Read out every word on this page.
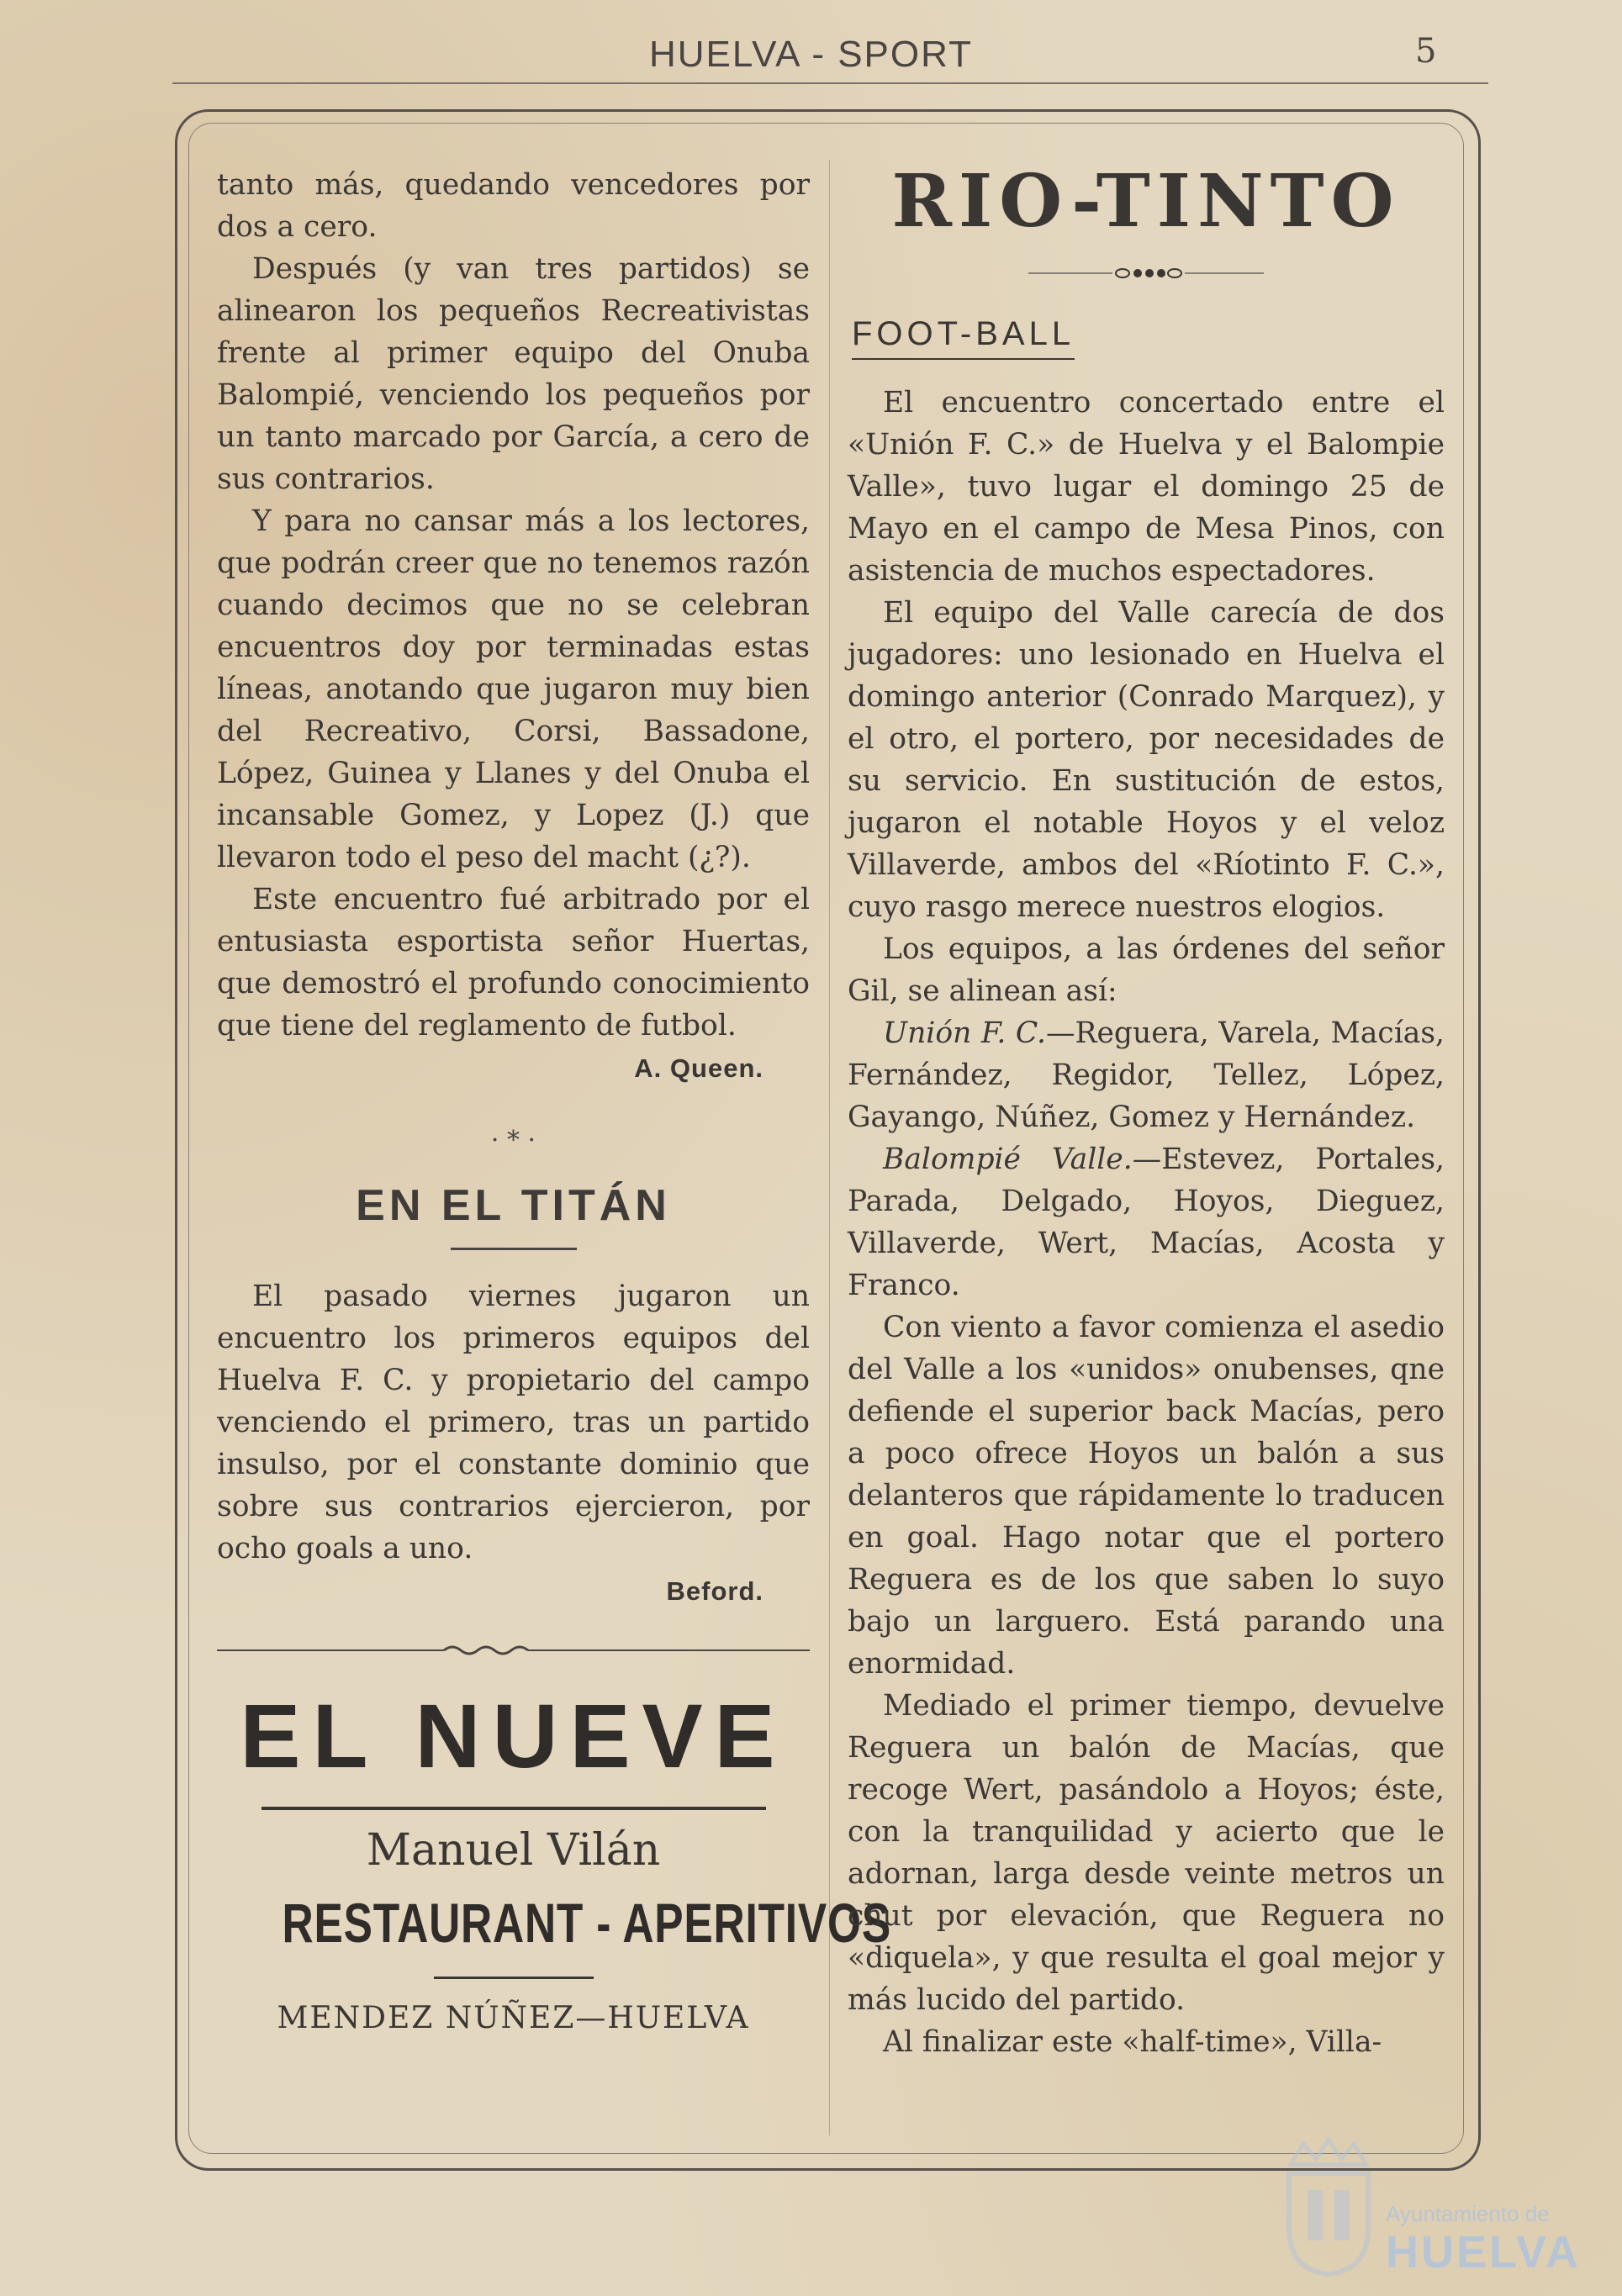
HUELVA - SPORT	5

tanto más, quedando vencedores por dos a cero.

Después (y van tres partidos) se alinearon los pequeños Recreativistas frente al primer equipo del Onuba Balompié, venciendo los pequeños por un tanto marcado por García, a cero de sus contrarios.

Y para no cansar más a los lectores, que podrán creer que no tenemos razón cuando decimos que no se celebran encuentros doy por terminadas estas líneas, anotando que jugaron muy bien del Recreativo, Corsi, Bassadone, López, Guinea y Llanes y del Onuba el incansable Gomez, y Lopez (J.) que llevaron todo el peso del macht (¿?).

Este encuentro fué arbitrado por el entusiasta esportista señor Huertas, que demostró el profundo conocimiento que tiene del reglamento de futbol.

A. Queen.

· * ·
EN EL TITÁN

El pasado viernes jugaron un encuentro los primeros equipos del Huelva F. C. y propietario del campo venciendo el primero, tras un partido insulso, por el constante dominio que sobre sus contrarios ejercieron, por ocho goals a uno.

Beford.

EL NUEVE

Manuel Vilán

RESTAURANT - APERITIVOS

MENDEZ NÚÑEZ—HUELVA

RIO-TINTO
FOOT-BALL

El encuentro concertado entre el «Unión F. C.» de Huelva y el Balompie Valle», tuvo lugar el domingo 25 de Mayo en el campo de Mesa Pinos, con asistencia de muchos espectadores.

El equipo del Valle carecía de dos jugadores: uno lesionado en Huelva el domingo anterior (Conrado Marquez), y el otro, el portero, por necesidades de su servicio. En sustitución de estos, jugaron el notable Hoyos y el veloz Villaverde, ambos del «Ríotinto F. C.», cuyo rasgo merece nuestros elogios.

Los equipos, a las órdenes del señor Gil, se alinean así:

Unión F. C.—Reguera, Varela, Macías, Fernández, Regidor, Tellez, López, Gayango, Núñez, Gomez y Hernández.

Balompié Valle.—Estevez, Portales, Parada, Delgado, Hoyos, Dieguez, Villaverde, Wert, Macías, Acosta y Franco.

Con viento a favor comienza el asedio del Valle a los «unidos» onubenses, qne defiende el superior back Macías, pero a poco ofrece Hoyos un balón a sus delanteros que rápidamente lo traducen en goal. Hago notar que el portero Reguera es de los que saben lo suyo bajo un larguero. Está parando una enormidad.

Mediado el primer tiempo, devuelve Reguera un balón de Macías, que recoge Wert, pasándolo a Hoyos; éste, con la tranquilidad y acierto que le adornan, larga desde veinte metros un chut por elevación, que Reguera no «diquela», y que resulta el goal mejor y más lucido del partido.

Al finalizar este «half-time», Villa-

Ayuntamiento de
HUELVA
